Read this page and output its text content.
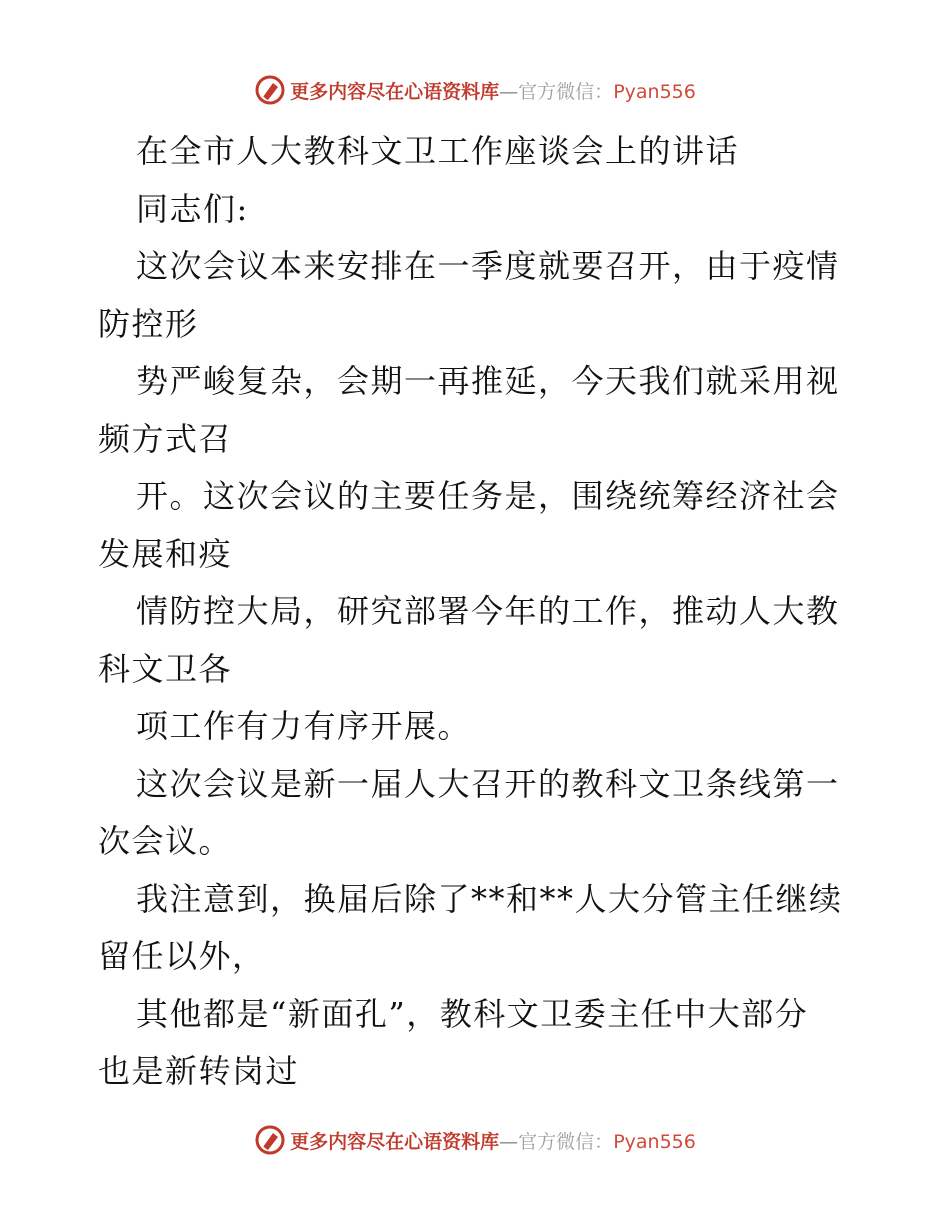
更多内容尽在心语资料库—官方微信：Pyan556
在全市人大教科文卫工作座谈会上的讲话
同志们:
这次会议本来安排在一季度就要召开，由于疫情
防控形
势严峻复杂，会期一再推延，今天我们就采用视
频方式召
开。这次会议的主要任务是，围绕统筹经济社会
发展和疫
情防控大局，研究部署今年的工作，推动人大教
科文卫各
项工作有力有序开展。
这次会议是新一届人大召开的教科文卫条线第一
次会议。
我注意到，换届后除了**和**人大分管主任继续
留任以外，
其他都是“新面孔”，教科文卫委主任中大部分
也是新转岗过
更多内容尽在心语资料库—官方微信：Pyan556
